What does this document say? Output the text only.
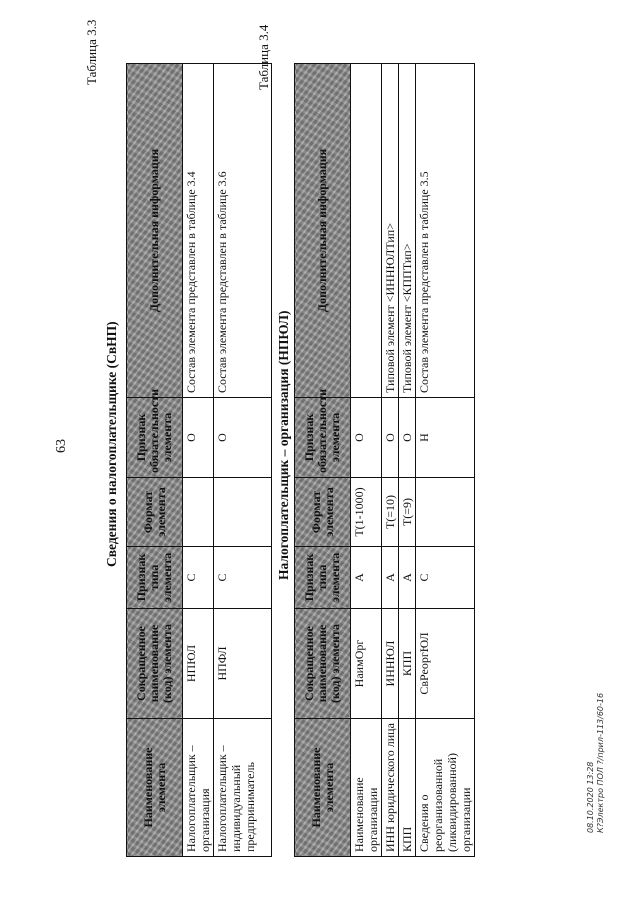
63
Таблица 3.3
Сведения о налогоплательщике (СвНП)
Наименование элемента	Сокращенное наименование (код) элемента	Признак типа элемента	Формат элемента	Признак обязательности элемента	Дополнительная информация
Налогоплательщик – организация	НПЮЛ	С		О	Состав элемента представлен в таблице 3.4
Налогоплательщик – индивидуальный предприниматель	НПФЛ	С		О	Состав элемента представлен в таблице 3.6
Таблица 3.4
Налогоплательщик – организация (НПЮЛ)
Наименование элемента	Сокращенное наименование (код) элемента	Признак типа элемента	Формат элемента	Признак обязательности элемента	Дополнительная информация
Наименование организации	НаимОрг	А	T(1-1000)	О	
ИНН юридического лица	ИННЮЛ	А	T(=10)	О	Типовой элемент <ИННЮЛТип>
КПП	КПП	А	T(=9)	О	Типовой элемент <КППТип>
Сведения о реорганизованной (ликвидированной) организации	СвРеоргЮЛ	С		Н	Состав элемента представлен в таблице 3.5
08.10.2020 13:28 К?Электро ПОЛ ?/прил-113/60-16
